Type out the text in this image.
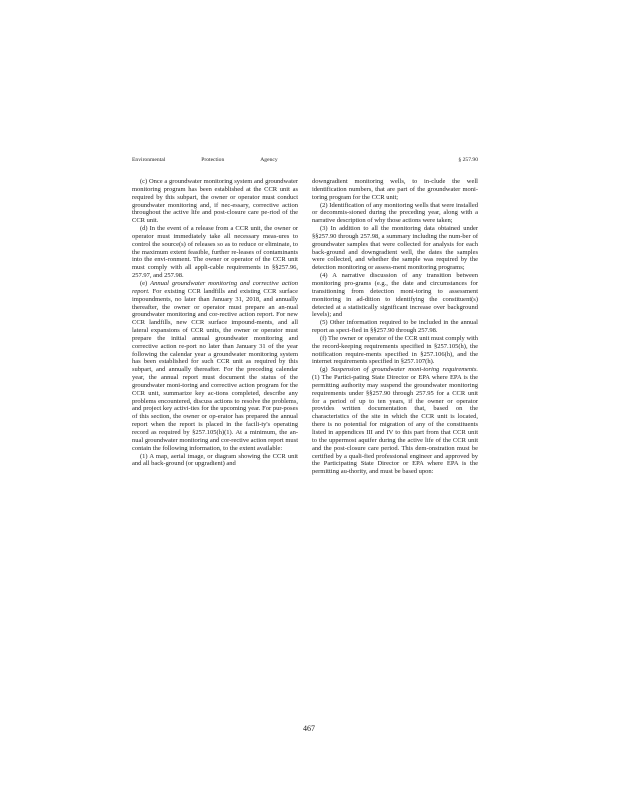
Environmental	Protection	Agency	§ 257.90

(c) Once a groundwater monitoring system and groundwater monitoring program has been established at the CCR unit as required by this subpart, the owner or operator must conduct groundwater monitoring and, if nec-essary, corrective action throughout the active life and post-closure care pe-riod of the CCR unit.

(d) In the event of a release from a CCR unit, the owner or operator must immediately take all necessary meas-ures to control the source(s) of releases so as to reduce or eliminate, to the maximum extent feasible, further re-leases of contaminants into the envi-ronment. The owner or operator of the CCR unit must comply with all appli-cable requirements in §§257.96, 257.97, and 257.98.

(e) Annual groundwater monitoring and corrective action report. For existing CCR landfills and existing CCR surface impoundments, no later than January 31, 2018, and annually thereafter, the owner or operator must prepare an an-nual groundwater monitoring and cor-rective action report. For new CCR landfills, new CCR surface impound-ments, and all lateral expansions of CCR units, the owner or operator must prepare the initial annual groundwater monitoring and corrective action re-port no later than January 31 of the year following the calendar year a groundwater monitoring system has been established for such CCR unit as required by this subpart, and annually thereafter. For the preceding calendar year, the annual report must document the status of the groundwater moni-toring and corrective action program for the CCR unit, summarize key ac-tions completed, describe any problems encountered, discuss actions to resolve the problems, and project key activi-ties for the upcoming year. For pur-poses of this section, the owner or op-erator has prepared the annual report when the report is placed in the facili-ty's operating record as required by §257.105(h)(1). At a minimum, the an-nual groundwater monitoring and cor-rective action report must contain the following information, to the extent available:

(1) A map, aerial image, or diagram showing the CCR unit and all back-ground (or upgradient) and

downgradient monitoring wells, to in-clude the well identification numbers, that are part of the groundwater moni-toring program for the CCR unit;

(2) Identification of any monitoring wells that were installed or decommis-sioned during the preceding year, along with a narrative description of why those actions were taken;

(3) In addition to all the monitoring data obtained under §§257.90 through 257.98, a summary including the num-ber of groundwater samples that were collected for analysis for each back-ground and downgradient well, the dates the samples were collected, and whether the sample was required by the detection monitoring or assess-ment monitoring programs;

(4) A narrative discussion of any transition between monitoring pro-grams (e.g., the date and circumstances for transitioning from detection moni-toring to assessment monitoring in ad-dition to identifying the constituent(s) detected at a statistically significant increase over background levels); and

(5) Other information required to be included in the annual report as speci-fied in §§257.90 through 257.98.

(f) The owner or operator of the CCR unit must comply with the record-keeping requirements specified in §257.105(h), the notification require-ments specified in §257.106(h), and the internet requirements specified in §257.107(h).

(g) Suspension of groundwater moni-toring requirements. (1) The Partici-pating State Director or EPA where EPA is the permitting authority may suspend the groundwater monitoring requirements under §§257.90 through 257.95 for a CCR unit for a period of up to ten years, if the owner or operator provides written documentation that, based on the characteristics of the site in which the CCR unit is located, there is no potential for migration of any of the constituents listed in appendices III and IV to this part from that CCR unit to the uppermost aquifer during the active life of the CCR unit and the post-closure care period. This dem-onstration must be certified by a quali-fied professional engineer and approved by the Participating State Director or EPA where EPA is the permitting au-thority, and must be based upon:

467
